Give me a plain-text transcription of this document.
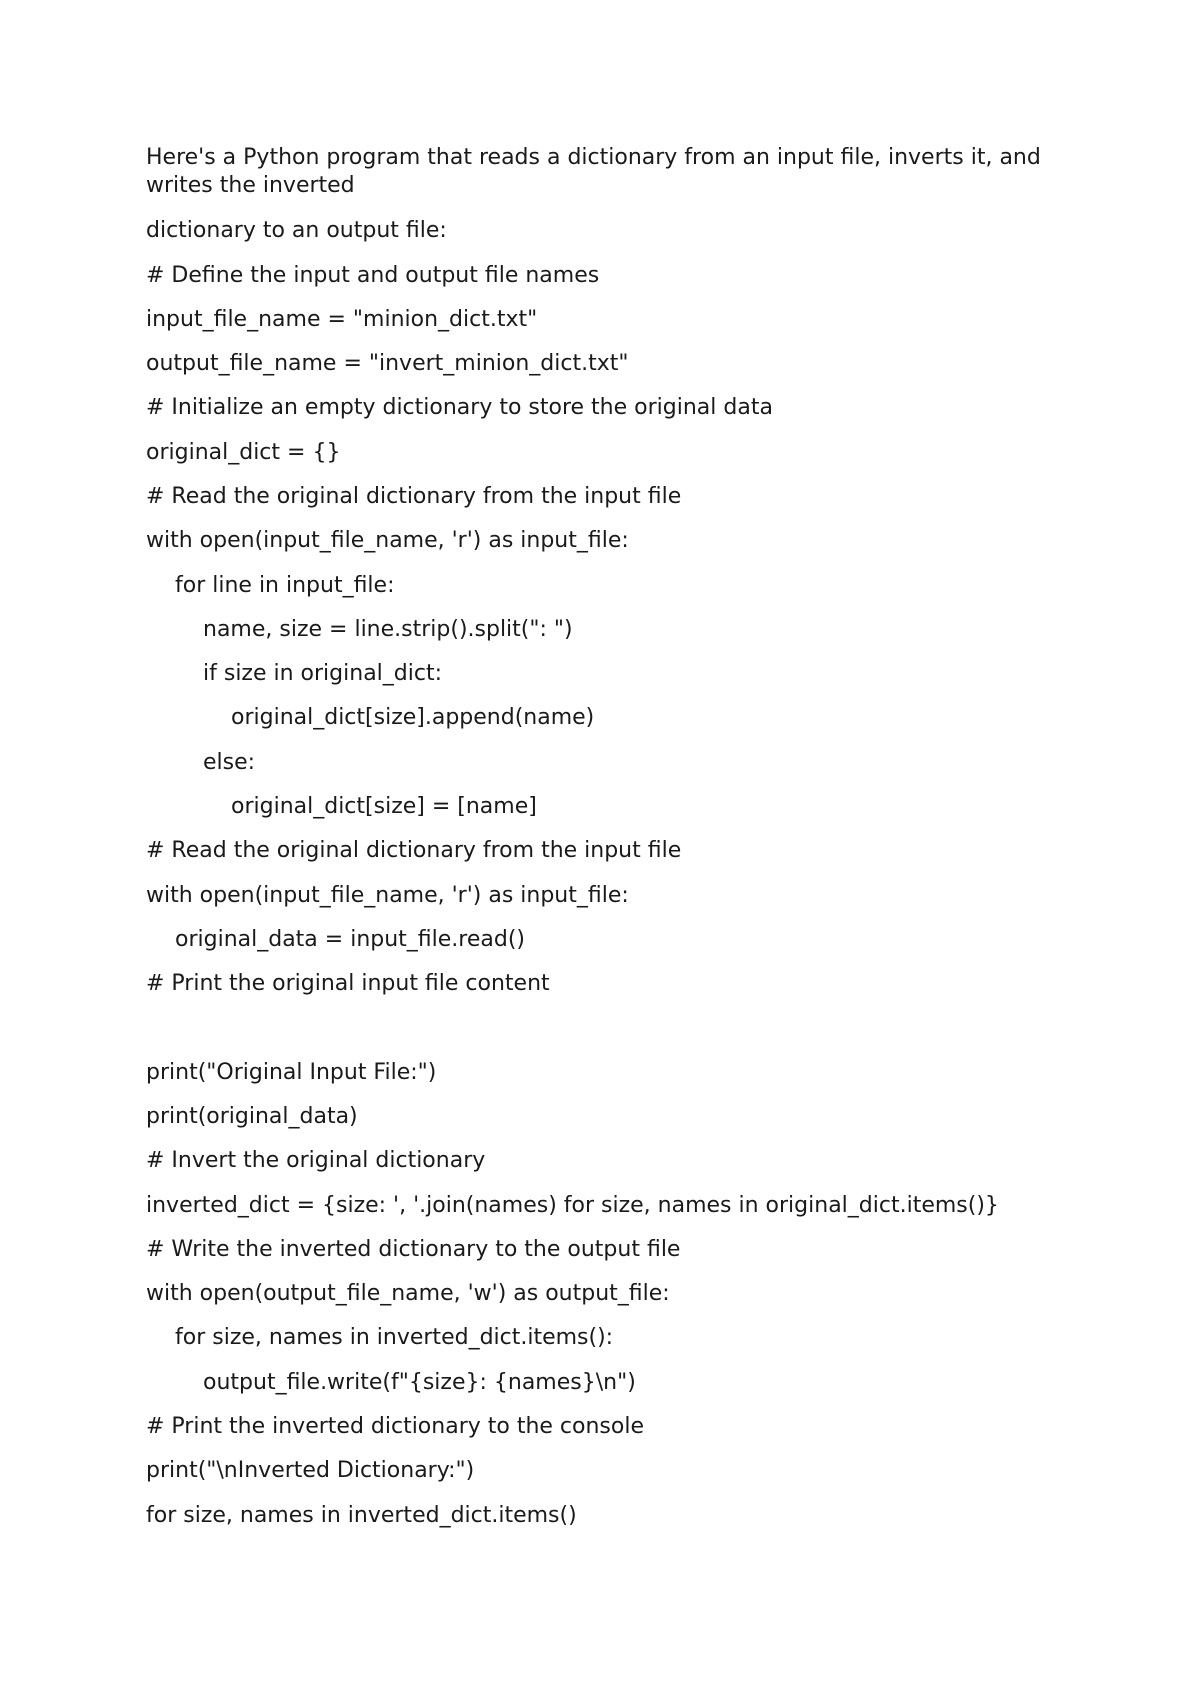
Here's a Python program that reads a dictionary from an input file, inverts it, and writes the inverted

dictionary to an output file:
# Define the input and output file names
input_file_name = "minion_dict.txt"
output_file_name = "invert_minion_dict.txt"
# Initialize an empty dictionary to store the original data
original_dict = {}
# Read the original dictionary from the input file
with open(input_file_name, 'r') as input_file:
for line in input_file:
name, size = line.strip().split(": ")
if size in original_dict:
original_dict[size].append(name)
else:
original_dict[size] = [name]
# Read the original dictionary from the input file
with open(input_file_name, 'r') as input_file:
original_data = input_file.read()
# Print the original input file content
print("Original Input File:")
print(original_data)
# Invert the original dictionary
inverted_dict = {size: ', '.join(names) for size, names in original_dict.items()}
# Write the inverted dictionary to the output file
with open(output_file_name, 'w') as output_file:
for size, names in inverted_dict.items():
output_file.write(f"{size}: {names}\n")
# Print the inverted dictionary to the console
print("\nInverted Dictionary:")
for size, names in inverted_dict.items()
